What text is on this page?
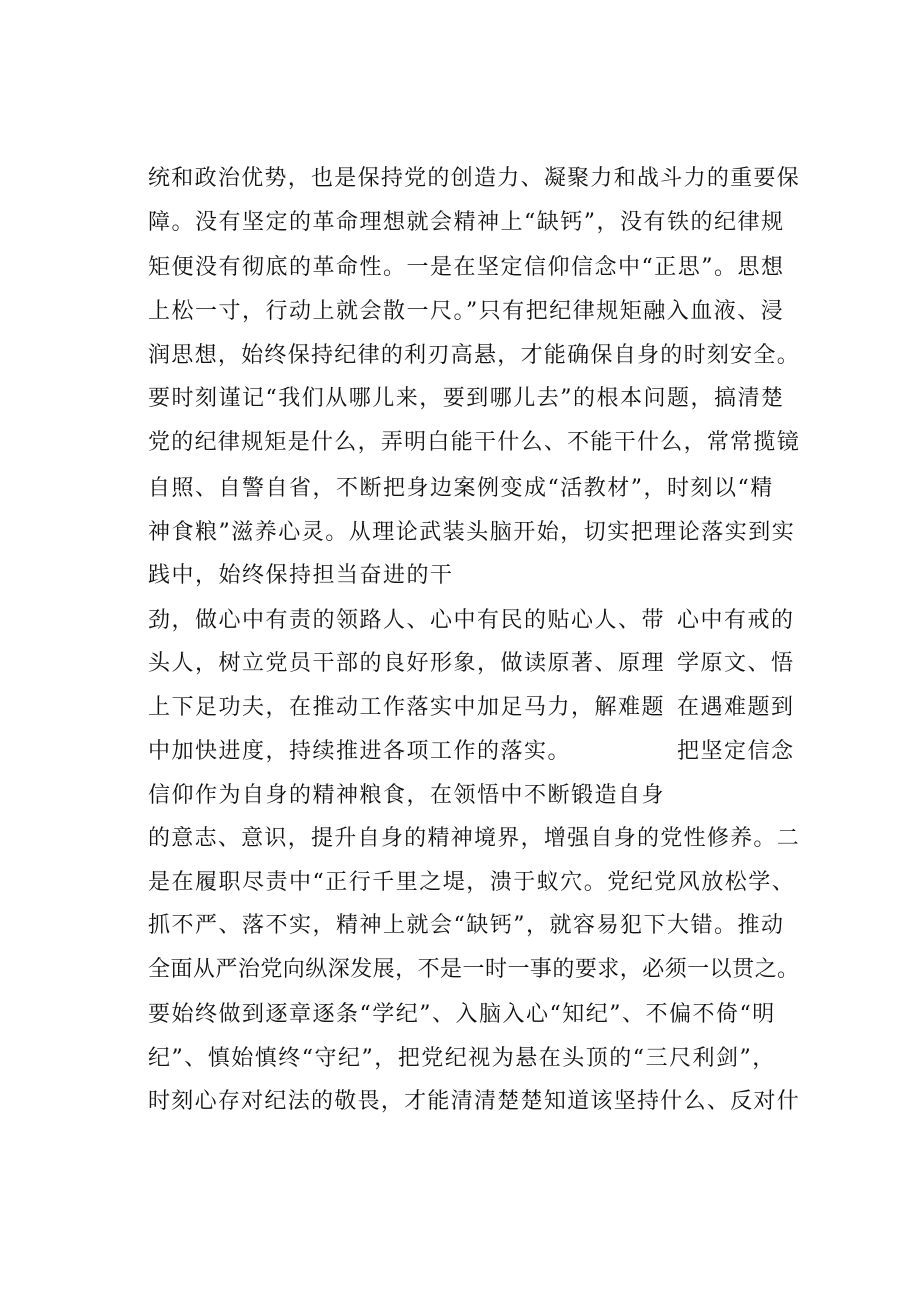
统和政治优势，也是保持党的创造力、凝聚力和战斗力的重要保
障。没有坚定的革命理想就会精神上“缺钙”，没有铁的纪律规
矩便没有彻底的革命性。一是在坚定信仰信念中“正思”。思想
上松一寸，行动上就会散一尺。”只有把纪律规矩融入血液、浸
润思想，始终保持纪律的利刃高悬，才能确保自身的时刻安全。
要时刻谨记“我们从哪儿来，要到哪儿去”的根本问题，搞清楚
党的纪律规矩是什么，弄明白能干什么、不能干什么，常常揽镜
自照、自警自省，不断把身边案例变成“活教材”，时刻以“精
神食粮”滋养心灵。从理论武装头脑开始，切实把理论落实到实
践中，始终保持担当奋进的干
劲，做心中有责的领路人、心中有民的贴心人、带
头人，树立党员干部的良好形象，做读原著、原理
上下足功夫，在推动工作落实中加足马力，解难题
中加快进度，持续推进各项工作的落实。
信仰作为自身的精神粮食，在领悟中不断锻造自身
心中有戒的
学原文、悟
在遇难题到
把坚定信念
的意志、意识，提升自身的精神境界，增强自身的党性修养。二
是在履职尽责中“正行千里之堤，溃于蚁穴。党纪党风放松学、
抓不严、落不实，精神上就会“缺钙”，就容易犯下大错。推动
全面从严治党向纵深发展，不是一时一事的要求，必须一以贯之。
要始终做到逐章逐条“学纪”、入脑入心“知纪”、不偏不倚“明
纪”、慎始慎终“守纪”，把党纪视为悬在头顶的“三尺利剑”，
时刻心存对纪法的敬畏，才能清清楚楚知道该坚持什么、反对什
